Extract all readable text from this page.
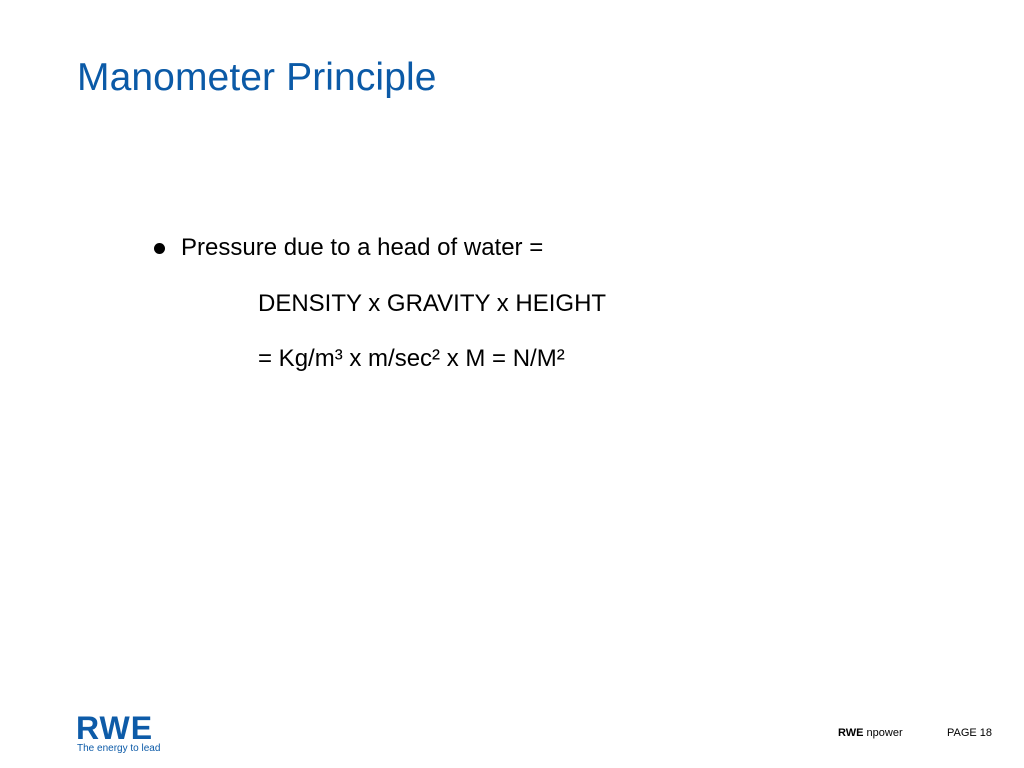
Manometer Principle
Pressure due to a head of water =
DENSITY x GRAVITY x HEIGHT
= Kg/m³ x m/sec² x M = N/M²
RWE
The energy to lead
RWE npower	PAGE 18
